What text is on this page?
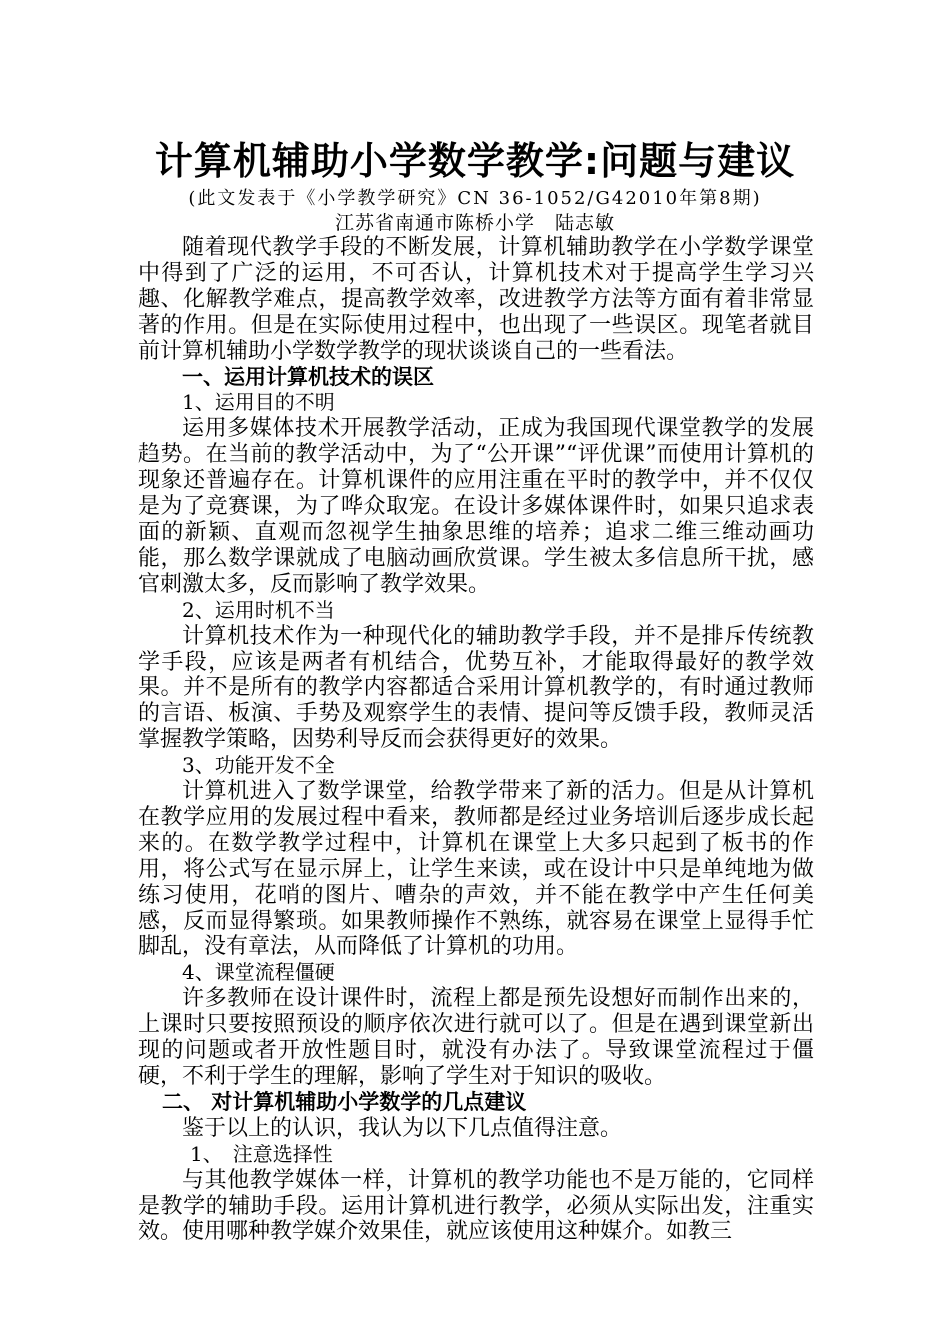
计算机辅助小学数学教学:问题与建议
(此文发表于《小学教学研究》CN 36-1052/G42010年第8期)
江苏省南通市陈桥小学　陆志敏

随着现代教学手段的不断发展，计算机辅助教学在小学数学课堂中得到了广泛的运用，不可否认，计算机技术对于提高学生学习兴趣、化解教学难点，提高教学效率，改进教学方法等方面有着非常显著的作用。但是在实际使用过程中，也出现了一些误区。现笔者就目前计算机辅助小学数学教学的现状谈谈自己的一些看法。

一、运用计算机技术的误区

1、运用目的不明

运用多媒体技术开展教学活动，正成为我国现代课堂教学的发展趋势。在当前的教学活动中，为了“公开课”“评优课”而使用计算机的现象还普遍存在。计算机课件的应用注重在平时的教学中，并不仅仅是为了竞赛课，为了哗众取宠。在设计多媒体课件时，如果只追求表面的新颖、直观而忽视学生抽象思维的培养；追求二维三维动画功能，那么数学课就成了电脑动画欣赏课。学生被太多信息所干扰，感官刺激太多，反而影响了教学效果。

2、运用时机不当

计算机技术作为一种现代化的辅助教学手段，并不是排斥传统教学手段，应该是两者有机结合，优势互补，才能取得最好的教学效果。并不是所有的教学内容都适合采用计算机教学的，有时通过教师的言语、板演、手势及观察学生的表情、提问等反馈手段，教师灵活掌握教学策略，因势利导反而会获得更好的效果。

3、功能开发不全

计算机进入了数学课堂，给教学带来了新的活力。但是从计算机在教学应用的发展过程中看来，教师都是经过业务培训后逐步成长起来的。在数学教学过程中，计算机在课堂上大多只起到了板书的作用，将公式写在显示屏上，让学生来读，或在设计中只是单纯地为做练习使用，花哨的图片、嘈杂的声效，并不能在教学中产生任何美感，反而显得繁琐。如果教师操作不熟练，就容易在课堂上显得手忙脚乱，没有章法，从而降低了计算机的功用。

4、课堂流程僵硬

许多教师在设计课件时，流程上都是预先设想好而制作出来的，上课时只要按照预设的顺序依次进行就可以了。但是在遇到课堂新出现的问题或者开放性题目时，就没有办法了。导致课堂流程过于僵硬，不利于学生的理解，影响了学生对于知识的吸收。

二、 对计算机辅助小学数学的几点建议

鉴于以上的认识，我认为以下几点值得注意。

1、　注意选择性

与其他教学媒体一样，计算机的教学功能也不是万能的，它同样是教学的辅助手段。运用计算机进行教学，必须从实际出发，注重实效。使用哪种教学媒介效果佳，就应该使用这种媒介。如教三
